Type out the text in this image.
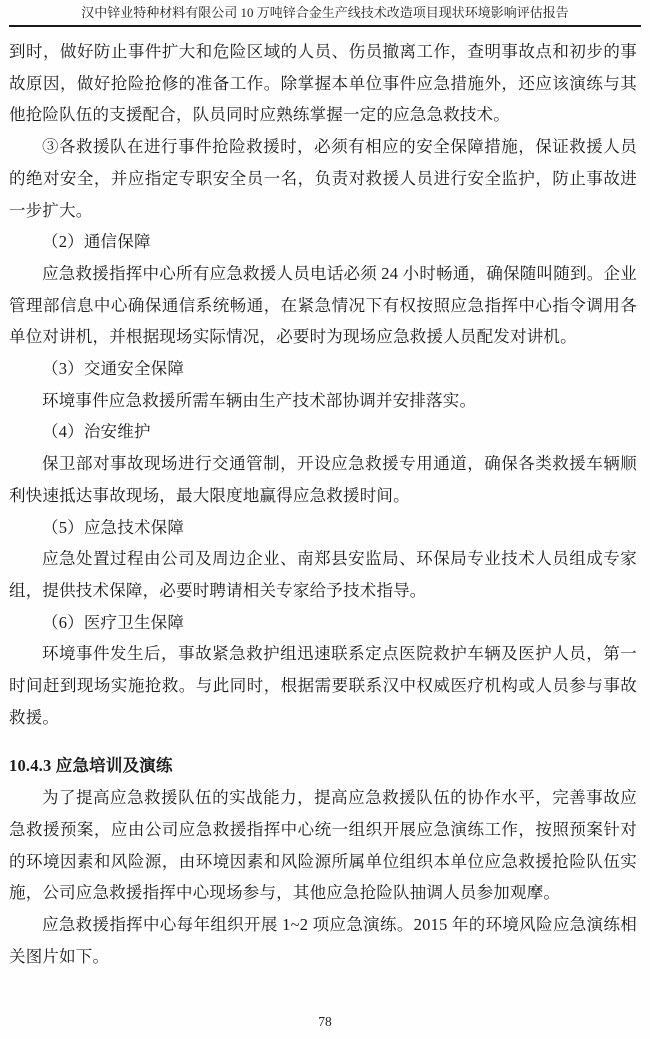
汉中锌业特种材料有限公司 10 万吨锌合金生产线技术改造项目现状环境影响评估报告

到时，做好防止事件扩大和危险区域的人员、伤员撤离工作，查明事故点和初步的事故原因，做好抢险抢修的准备工作。除掌握本单位事件应急措施外，还应该演练与其他抢险队伍的支援配合，队员同时应熟练掌握一定的应急急救技术。

③各救援队在进行事件抢险救援时，必须有相应的安全保障措施，保证救援人员的绝对安全，并应指定专职安全员一名，负责对救援人员进行安全监护，防止事故进一步扩大。

（2）通信保障

应急救援指挥中心所有应急救援人员电话必须 24 小时畅通，确保随叫随到。企业管理部信息中心确保通信系统畅通，在紧急情况下有权按照应急指挥中心指令调用各单位对讲机，并根据现场实际情况，必要时为现场应急救援人员配发对讲机。

（3）交通安全保障

环境事件应急救援所需车辆由生产技术部协调并安排落实。

（4）治安维护

保卫部对事故现场进行交通管制，开设应急救援专用通道，确保各类救援车辆顺利快速抵达事故现场，最大限度地赢得应急救援时间。

（5）应急技术保障

应急处置过程由公司及周边企业、南郑县安监局、环保局专业技术人员组成专家组，提供技术保障，必要时聘请相关专家给予技术指导。

（6）医疗卫生保障

环境事件发生后，事故紧急救护组迅速联系定点医院救护车辆及医护人员，第一时间赶到现场实施抢救。与此同时，根据需要联系汉中权威医疗机构或人员参与事故救援。

10.4.3 应急培训及演练

为了提高应急救援队伍的实战能力，提高应急救援队伍的协作水平，完善事故应急救援预案，应由公司应急救援指挥中心统一组织开展应急演练工作，按照预案针对的环境因素和风险源，由环境因素和风险源所属单位组织本单位应急救援抢险队伍实施，公司应急救援指挥中心现场参与，其他应急抢险队抽调人员参加观摩。

应急救援指挥中心每年组织开展 1~2 项应急演练。2015 年的环境风险应急演练相关图片如下。

78
